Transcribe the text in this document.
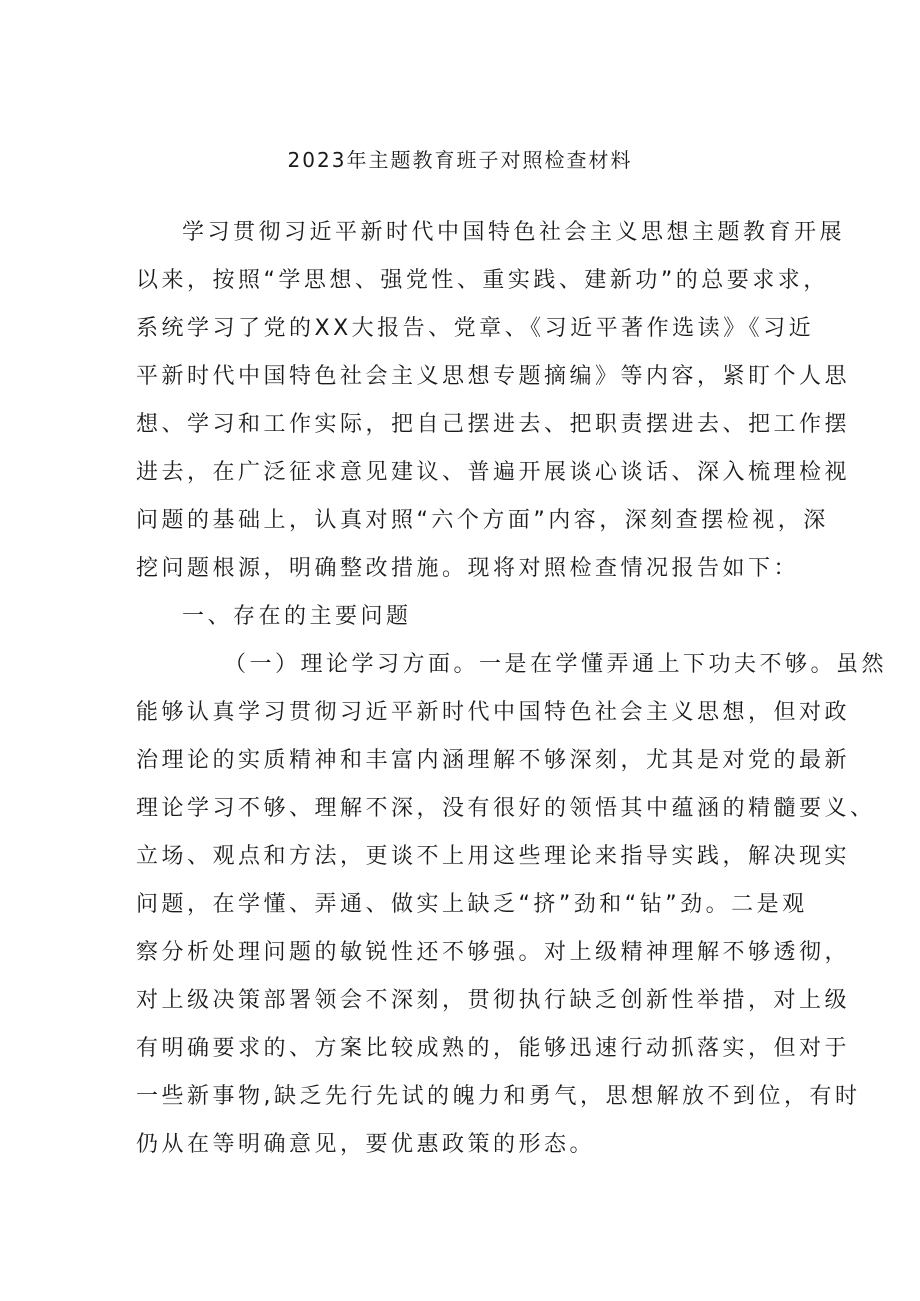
2023年主题教育班子对照检查材料
学习贯彻习近平新时代中国特色社会主义思想主题教育开展
以来，按照“学思想、强党性、重实践、建新功”的总要求求，
系统学习了党的XX大报告、党章、《习近平著作选读》《习近
平新时代中国特色社会主义思想专题摘编》等内容，紧盯个人思
想、学习和工作实际，把自己摆进去、把职责摆进去、把工作摆
进去，在广泛征求意见建议、普遍开展谈心谈话、深入梳理检视
问题的基础上，认真对照“六个方面”内容，深刻查摆检视，深
挖问题根源，明确整改措施。现将对照检查情况报告如下：
一、存在的主要问题
（一）理论学习方面。一是在学懂弄通上下功夫不够。虽然
能够认真学习贯彻习近平新时代中国特色社会主义思想，但对政
治理论的实质精神和丰富内涵理解不够深刻，尤其是对党的最新
理论学习不够、理解不深，没有很好的领悟其中蕴涵的精髓要义、
立场、观点和方法，更谈不上用这些理论来指导实践，解决现实
问题，在学懂、弄通、做实上缺乏“挤”劲和“钻”劲。二是观
察分析处理问题的敏锐性还不够强。对上级精神理解不够透彻，
对上级决策部署领会不深刻，贯彻执行缺乏创新性举措，对上级
有明确要求的、方案比较成熟的，能够迅速行动抓落实，但对于
一些新事物,缺乏先行先试的魄力和勇气，思想解放不到位，有时
仍从在等明确意见，要优惠政策的形态。
